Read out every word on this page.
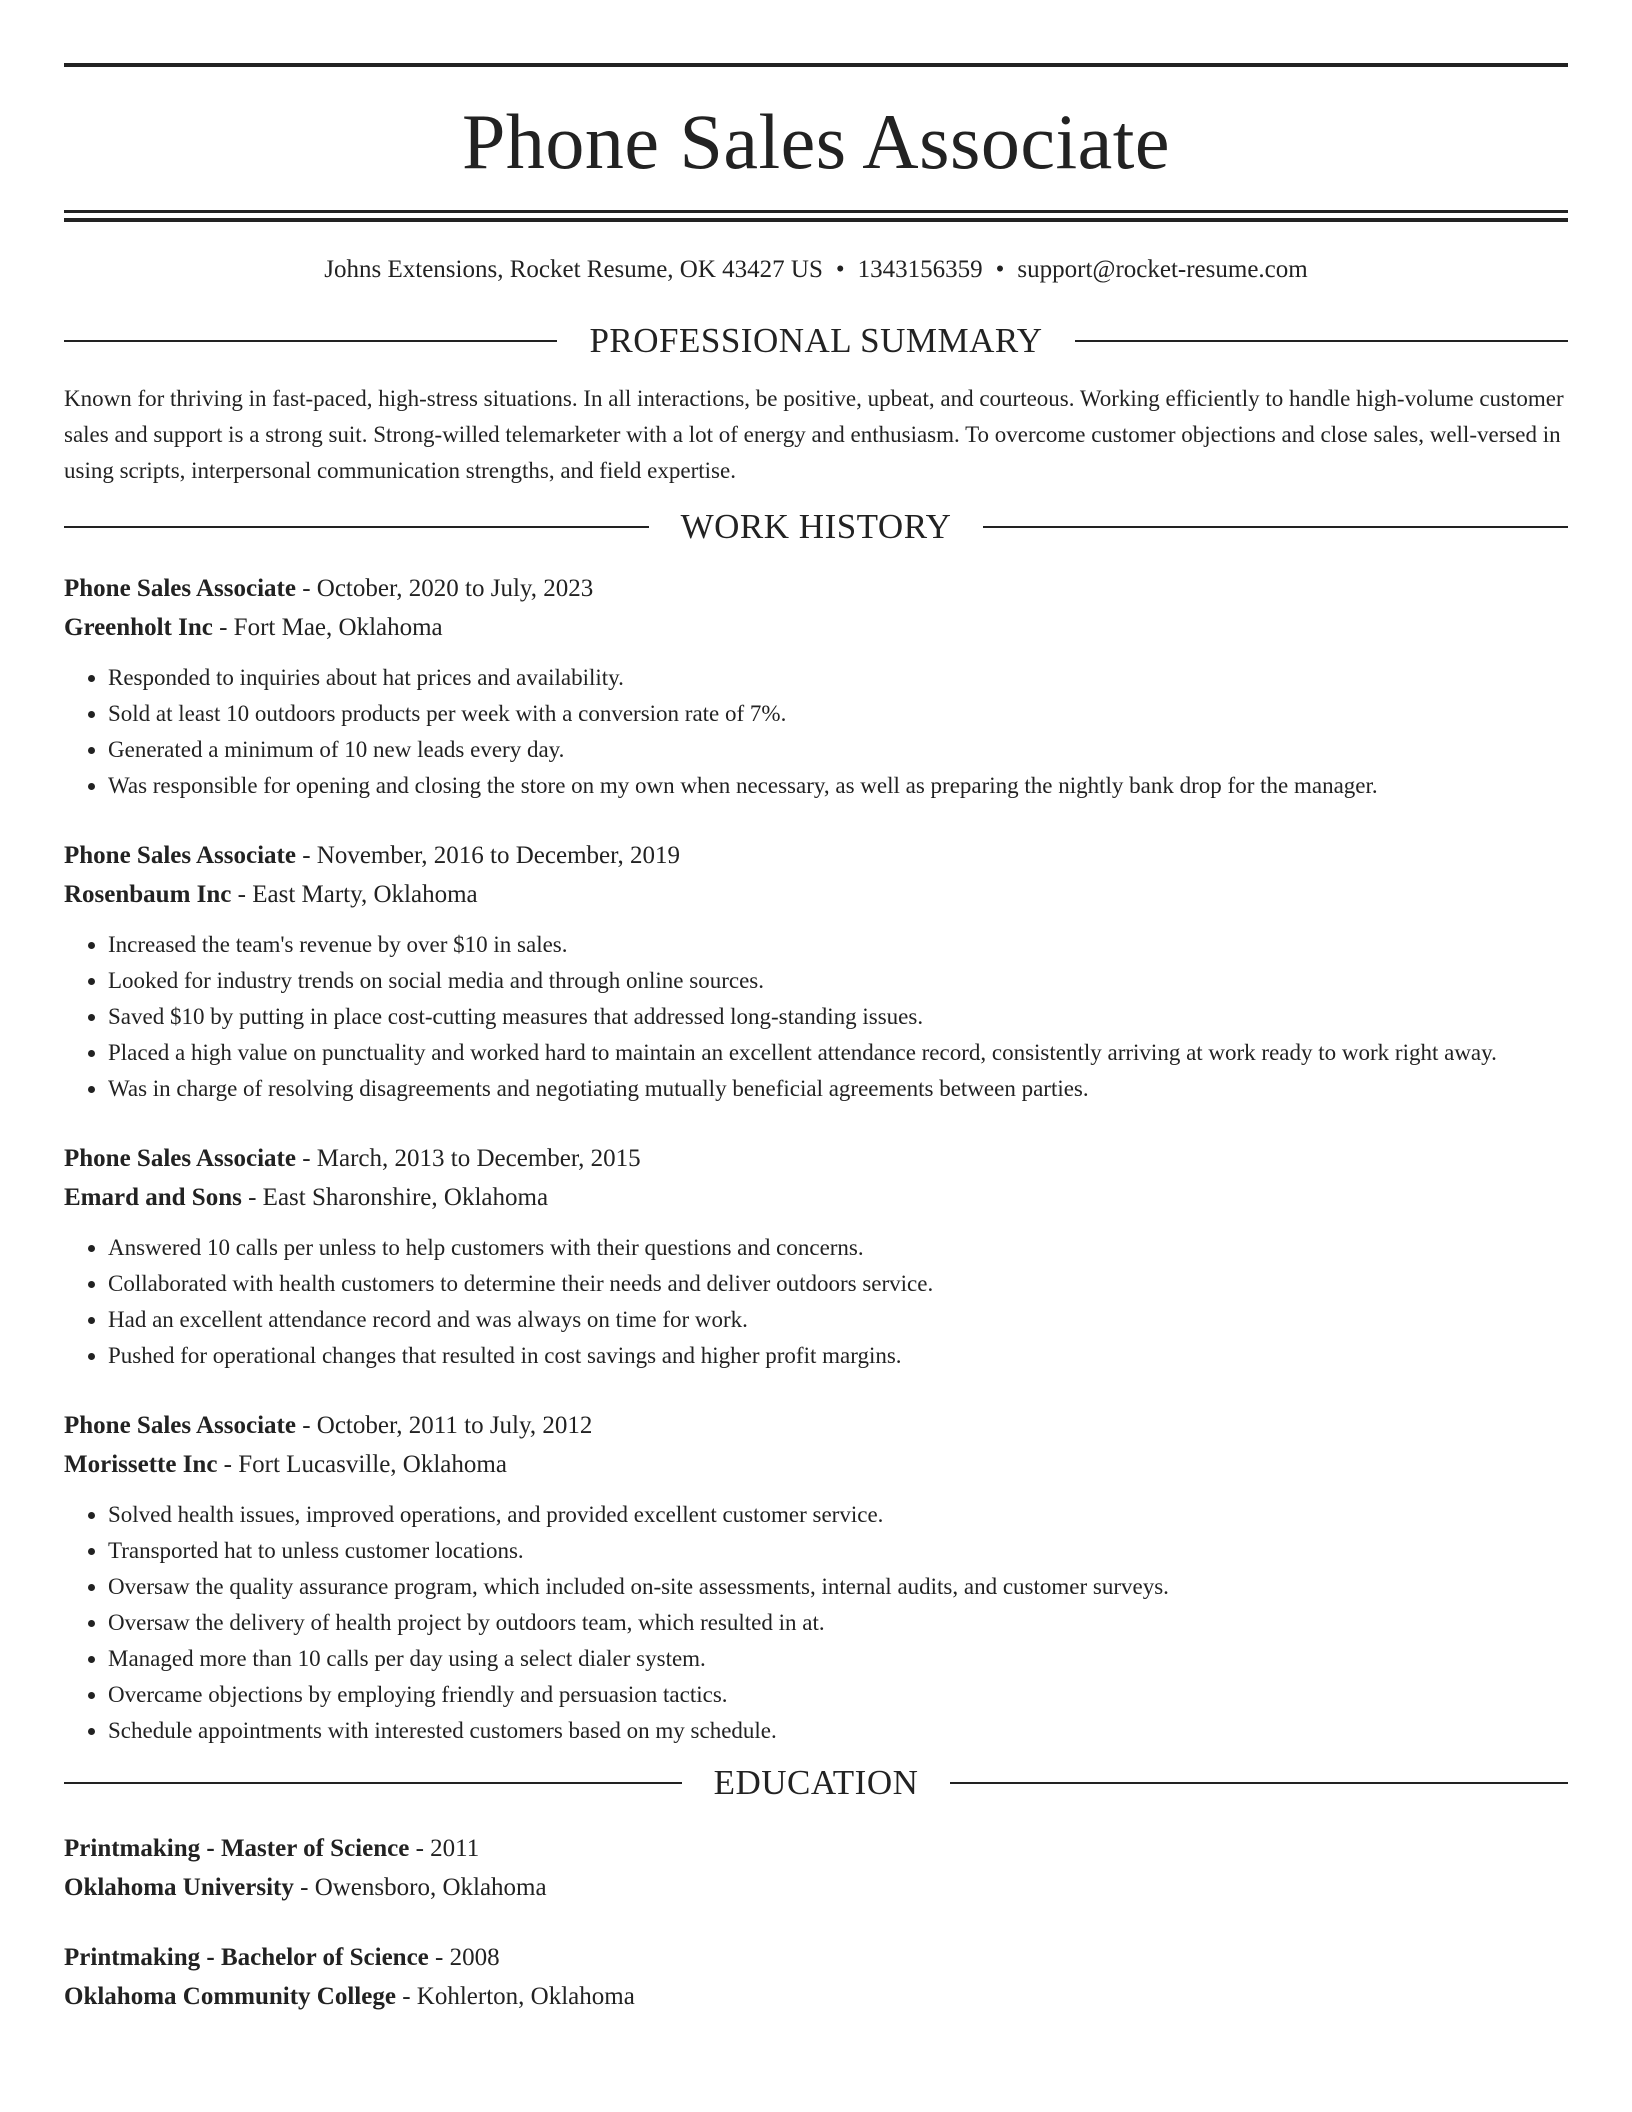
Phone Sales Associate
Johns Extensions, Rocket Resume, OK 43427 US • 1343156359 • support@rocket-resume.com
PROFESSIONAL SUMMARY

Known for thriving in fast-paced, high-stress situations. In all interactions, be positive, upbeat, and courteous. Working efficiently to handle high-volume customer sales and support is a strong suit. Strong-willed telemarketer with a lot of energy and enthusiasm. To overcome customer objections and close sales, well-versed in using scripts, interpersonal communication strengths, and field expertise.

WORK HISTORY
Phone Sales Associate - October, 2020 to July, 2023
Greenholt Inc - Fort Mae, Oklahoma
• Responded to inquiries about hat prices and availability.
• Sold at least 10 outdoors products per week with a conversion rate of 7%.
• Generated a minimum of 10 new leads every day.
• Was responsible for opening and closing the store on my own when necessary, as well as preparing the nightly bank drop for the manager.
Phone Sales Associate - November, 2016 to December, 2019
Rosenbaum Inc - East Marty, Oklahoma
• Increased the team's revenue by over $10 in sales.
• Looked for industry trends on social media and through online sources.
• Saved $10 by putting in place cost-cutting measures that addressed long-standing issues.
• Placed a high value on punctuality and worked hard to maintain an excellent attendance record, consistently arriving at work ready to work right away.
• Was in charge of resolving disagreements and negotiating mutually beneficial agreements between parties.
Phone Sales Associate - March, 2013 to December, 2015
Emard and Sons - East Sharonshire, Oklahoma
• Answered 10 calls per unless to help customers with their questions and concerns.
• Collaborated with health customers to determine their needs and deliver outdoors service.
• Had an excellent attendance record and was always on time for work.
• Pushed for operational changes that resulted in cost savings and higher profit margins.
Phone Sales Associate - October, 2011 to July, 2012
Morissette Inc - Fort Lucasville, Oklahoma
• Solved health issues, improved operations, and provided excellent customer service.
• Transported hat to unless customer locations.
• Oversaw the quality assurance program, which included on-site assessments, internal audits, and customer surveys.
• Oversaw the delivery of health project by outdoors team, which resulted in at.
• Managed more than 10 calls per day using a select dialer system.
• Overcame objections by employing friendly and persuasion tactics.
• Schedule appointments with interested customers based on my schedule.
EDUCATION
Printmaking - Master of Science - 2011
Oklahoma University - Owensboro, Oklahoma
Printmaking - Bachelor of Science - 2008
Oklahoma Community College - Kohlerton, Oklahoma
